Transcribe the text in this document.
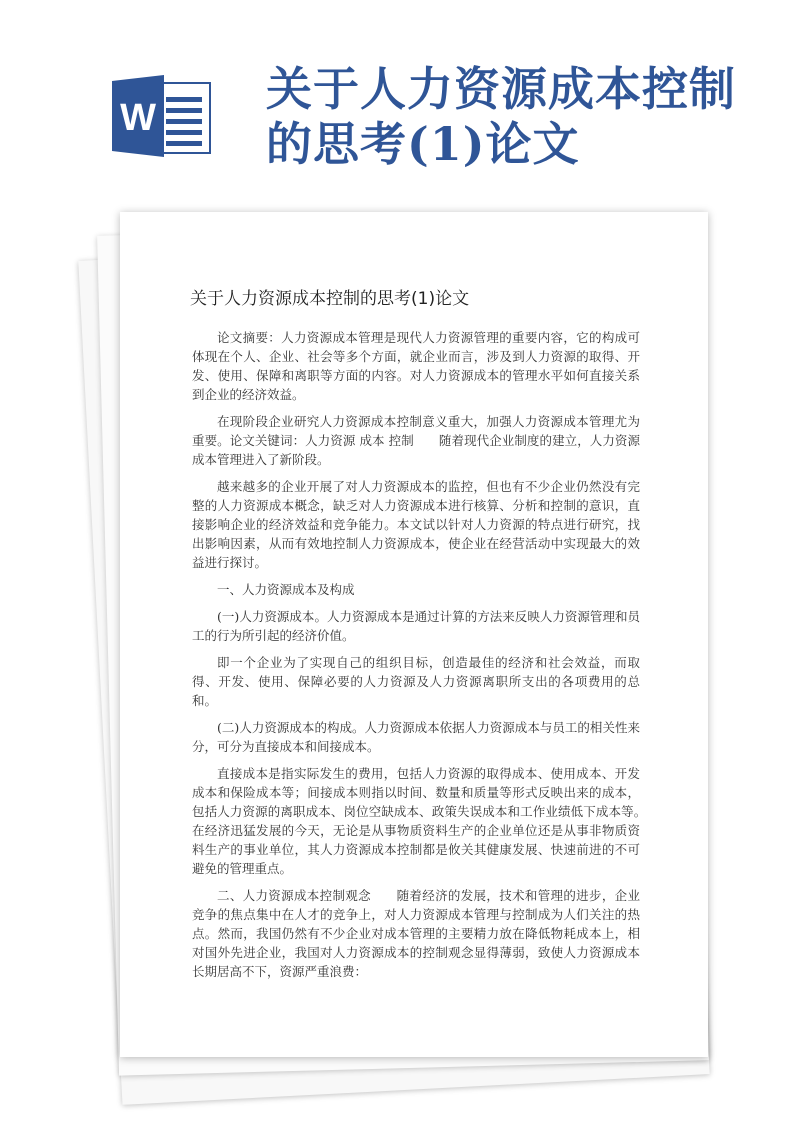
W
关于人力资源成本控制的思考(1)论文
关于人力资源成本控制的思考(1)论文

论文摘要：人力资源成本管理是现代人力资源管理的重要内容，它的构成可体现在个人、企业、社会等多个方面，就企业而言，涉及到人力资源的取得、开发、使用、保障和离职等方面的内容。对人力资源成本的管理水平如何直接关系到企业的经济效益。

在现阶段企业研究人力资源成本控制意义重大，加强人力资源成本管理尤为重要。论文关键词：人力资源 成本 控制　　随着现代企业制度的建立，人力资源成本管理进入了新阶段。

越来越多的企业开展了对人力资源成本的监控，但也有不少企业仍然没有完整的人力资源成本概念，缺乏对人力资源成本进行核算、分析和控制的意识，直接影响企业的经济效益和竞争能力。本文试以针对人力资源的特点进行研究，找出影响因素，从而有效地控制人力资源成本，使企业在经营活动中实现最大的效益进行探讨。

一、人力资源成本及构成

(一)人力资源成本。人力资源成本是通过计算的方法来反映人力资源管理和员工的行为所引起的经济价值。

即一个企业为了实现自己的组织目标，创造最佳的经济和社会效益，而取得、开发、使用、保障必要的人力资源及人力资源离职所支出的各项费用的总和。

(二)人力资源成本的构成。人力资源成本依据人力资源成本与员工的相关性来分，可分为直接成本和间接成本。

直接成本是指实际发生的费用，包括人力资源的取得成本、使用成本、开发成本和保险成本等；间接成本则指以时间、数量和质量等形式反映出来的成本，包括人力资源的离职成本、岗位空缺成本、政策失误成本和工作业绩低下成本等。　在经济迅猛发展的今天，无论是从事物质资料生产的企业单位还是从事非物质资料生产的事业单位，其人力资源成本控制都是攸关其健康发展、快速前进的不可避免的管理重点。

二、人力资源成本控制观念　　随着经济的发展，技术和管理的进步，企业竞争的焦点集中在人才的竞争上，对人力资源成本管理与控制成为人们关注的热点。然而，我国仍然有不少企业对成本管理的主要精力放在降低物耗成本上，相对国外先进企业，我国对人力资源成本的控制观念显得薄弱，致使人力资源成本长期居高不下，资源严重浪费：
